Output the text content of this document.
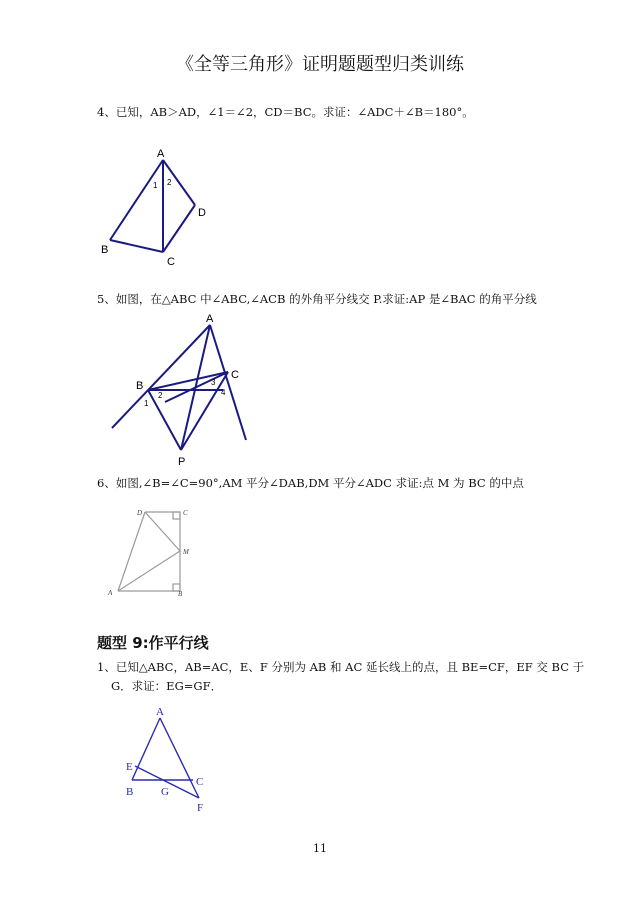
《全等三角形》证明题题型归类训练
4、已知，AB＞AD，∠1＝∠2，CD＝BC。求证：∠ADC＋∠B＝180°。
A
B
C
D
1 2
5、如图，在△ABC 中∠ABC,∠ACB 的外角平分线交 P.求证:AP 是∠BAC 的角平分线
A
B
C
P
1
2
3
4
6、如图,∠B=∠C=90°,AM 平分∠DAB,DM 平分∠ADC 求证:点 M 为 BC 的中点
D	C
M
A	B
题型 9:作平行线
1、已知△ABC，AB=AC，E、F 分别为 AB 和 AC 延长线上的点，且 BE=CF，EF 交 BC 于
G．求证：EG=GF．
A
E
C
B	G
F
11
